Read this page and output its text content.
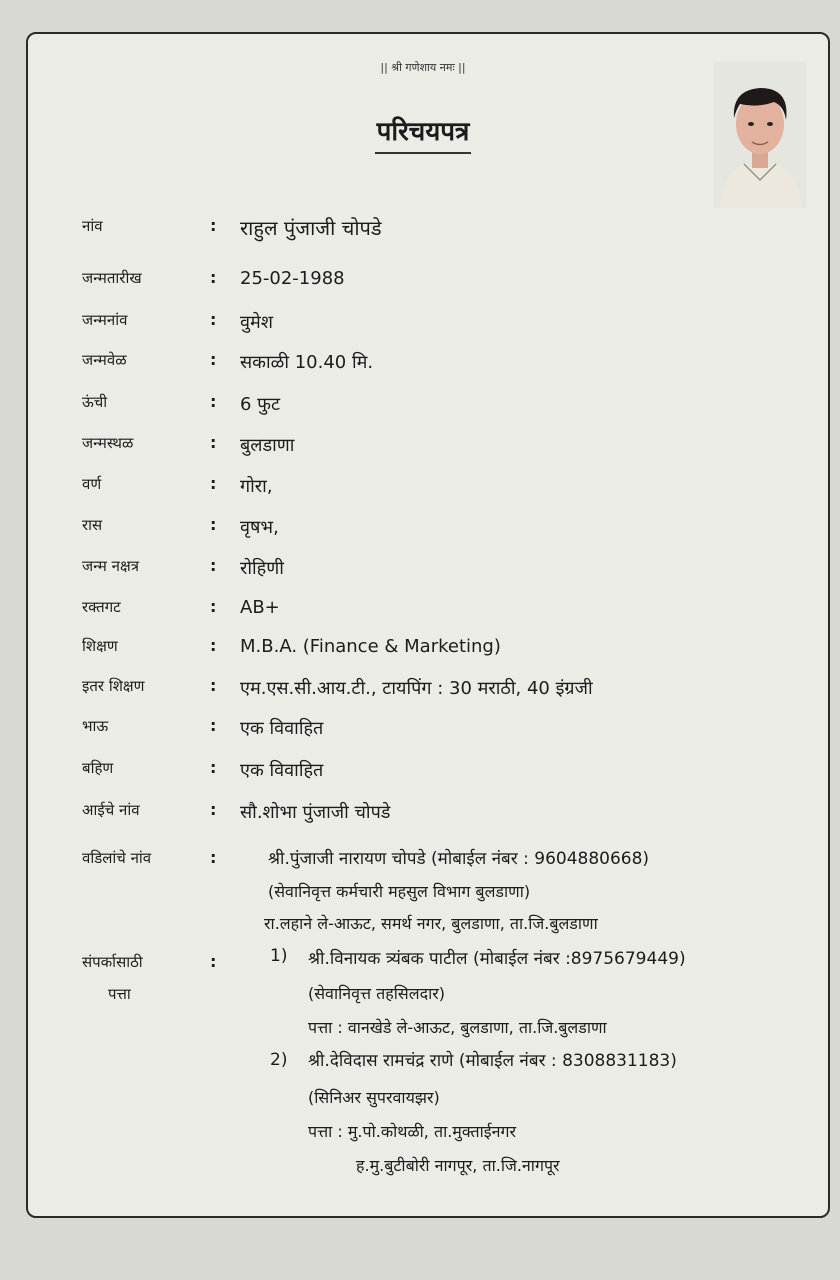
|| श्री गणेशाय नमः ||
परिचयपत्र
नांव	: राहुल पुंजाजी चोपडे
जन्मतारीख	: 25-02-1988
जन्मनांव	: वुमेश
जन्मवेळ	: सकाळी 10.40 मि.
ऊंची	: 6 फुट
जन्मस्थळ	: बुलडाणा
वर्ण	: गोरा,
रास	: वृषभ,
जन्म नक्षत्र	: रोहिणी
रक्तगट	: AB+
शिक्षण	: M.B.A. (Finance & Marketing)
इतर शिक्षण	: एम.एस.सी.आय.टी., टायपिंग : 30 मराठी, 40 इंग्रजी
भाऊ	: एक विवाहित
बहिण	: एक विवाहित
आईचे नांव	: सौ.शोभा पुंजाजी चोपडे
वडिलांचे नांव	:	श्री.पुंजाजी नारायण चोपडे (मोबाईल नंबर : 9604880668)
(सेवानिवृत्त कर्मचारी महसुल विभाग बुलडाणा)
रा.लहाने ले-आऊट, समर्थ नगर, बुलडाणा, ता.जि.बुलडाणा
संपर्कासाठी	:
पत्ता
1) श्री.विनायक त्र्यंबक पाटील (मोबाईल नंबर :8975679449)
(सेवानिवृत्त तहसिलदार)
पत्ता : वानखेडे ले-आऊट, बुलडाणा, ता.जि.बुलडाणा
2) श्री.देविदास रामचंद्र राणे (मोबाईल नंबर : 8308831183)
(सिनिअर सुपरवायझर)
पत्ता : मु.पो.कोथळी, ता.मुक्ताईनगर
ह.मु.बुटीबोरी नागपूर, ता.जि.नागपूर
